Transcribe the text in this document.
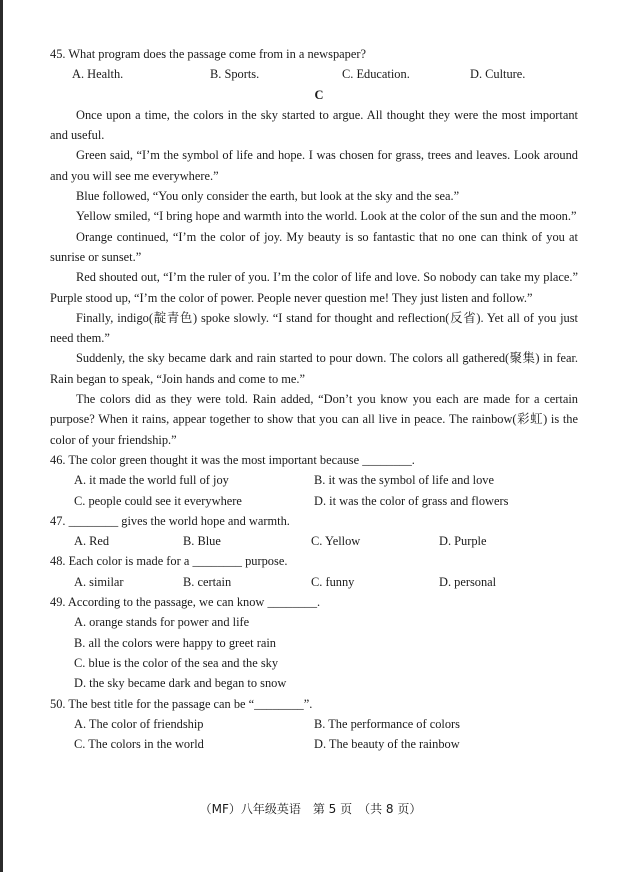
45. What program does the passage come from in a newspaper?
A. Health.	B. Sports.	C. Education.	D. Culture.
C
Once upon a time, the colors in the sky started to argue. All thought they were the most important and useful.
Green said, “I’m the symbol of life and hope. I was chosen for grass, trees and leaves. Look around and you will see me everywhere.”
Blue followed, “You only consider the earth, but look at the sky and the sea.”
Yellow smiled, “I bring hope and warmth into the world. Look at the color of the sun and the moon.”
Orange continued, “I’m the color of joy. My beauty is so fantastic that no one can think of you at sunrise or sunset.”
Red shouted out, “I’m the ruler of you. I’m the color of life and love. So nobody can take my place.” Purple stood up, “I’m the color of power. People never question me! They just listen and follow.”
Finally, indigo(靛青色) spoke slowly. “I stand for thought and reflection(反省). Yet all of you just need them.”
Suddenly, the sky became dark and rain started to pour down. The colors all gathered(聚集) in fear. Rain began to speak, “Join hands and come to me.”
The colors did as they were told. Rain added, “Don’t you know you each are made for a certain purpose? When it rains, appear together to show that you can all live in peace. The rainbow(彩虹) is the color of your friendship.”
46. The color green thought it was the most important because ________.
A. it made the world full of joy	B. it was the symbol of life and love
C. people could see it everywhere	D. it was the color of grass and flowers
47. ________ gives the world hope and warmth.
A. Red	B. Blue	C. Yellow	D. Purple
48. Each color is made for a ________ purpose.
A. similar	B. certain	C. funny	D. personal
49. According to the passage, we can know ________.
A. orange stands for power and life
B. all the colors were happy to greet rain
C. blue is the color of the sea and the sky
D. the sky became dark and began to snow
50. The best title for the passage can be “________”.
A. The color of friendship	B. The performance of colors
C. The colors in the world	D. The beauty of the rainbow
（MF）八年级英语　第 5 页　（共 8 页）
